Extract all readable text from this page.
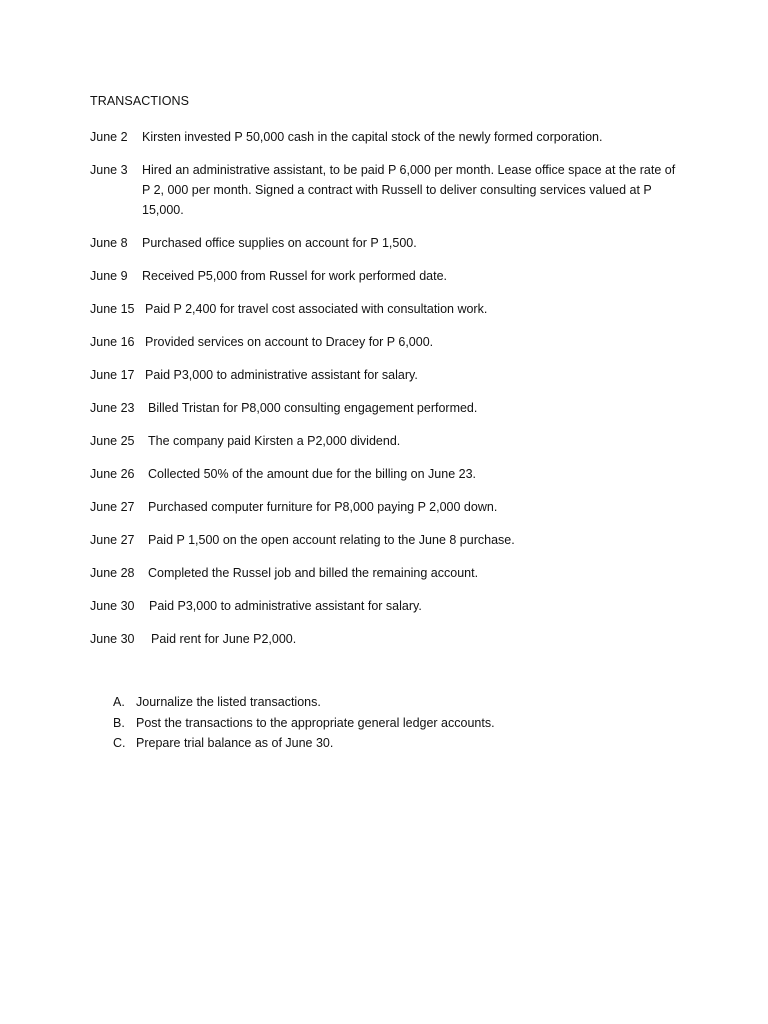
TRANSACTIONS
June 2	Kirsten invested P 50,000 cash in the capital stock of the newly formed corporation.
June 3	Hired an administrative assistant, to be paid P 6,000 per month. Lease office space at the rate of P 2, 000 per month. Signed a contract with Russell to deliver consulting services valued at P 15,000.
June 8	Purchased office supplies on account for P 1,500.
June 9	Received P5,000 from Russel for work performed date.
June 15 Paid P 2,400 for travel cost associated with consultation work.
June 16 Provided services on account to Dracey for P 6,000.
June 17 Paid P3,000 to administrative assistant for salary.
June 23	Billed Tristan for P8,000 consulting engagement performed.
June 25	The company paid Kirsten a P2,000 dividend.
June 26	Collected 50% of the amount due for the billing on June 23.
June 27	Purchased computer furniture for P8,000 paying P 2,000 down.
June 27	Paid P 1,500 on the open account relating to the June 8 purchase.
June 28	Completed the Russel job and billed the remaining account.
June 30	Paid P3,000 to administrative assistant for salary.
June 30	Paid rent for June P2,000.
A. Journalize the listed transactions.
B. Post the transactions to the appropriate general ledger accounts.
C. Prepare trial balance as of June 30.
